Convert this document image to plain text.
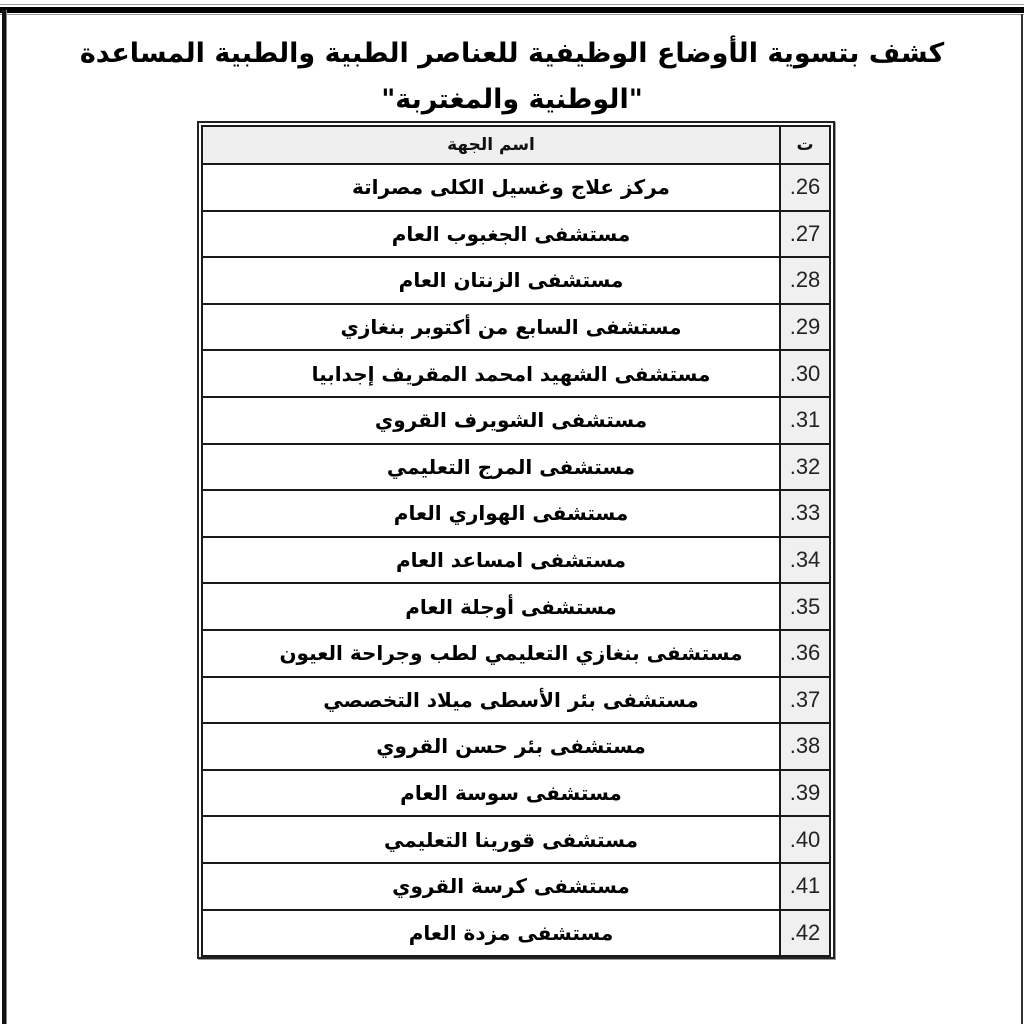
كشف بتسوية الأوضاع الوظيفية للعناصر الطبية والطبية المساعدة
"الوطنية والمغتربة"
ت	اسم الجهة
.26	مركز علاج وغسيل الكلى مصراتة
.27	مستشفى الجغبوب العام
.28	مستشفى الزنتان العام
.29	مستشفى السابع من أكتوبر بنغازي
.30	مستشفى الشهيد امحمد المقريف إجدابيا
.31	مستشفى الشويرف القروي
.32	مستشفى المرج التعليمي
.33	مستشفى الهواري العام
.34	مستشفى امساعد العام
.35	مستشفى أوجلة العام
.36	مستشفى بنغازي التعليمي لطب وجراحة العيون
.37	مستشفى بئر الأسطى ميلاد التخصصي
.38	مستشفى بئر حسن القروي
.39	مستشفى سوسة العام
.40	مستشفى قورينا التعليمي
.41	مستشفى كرسة القروي
.42	مستشفى مزدة العام
